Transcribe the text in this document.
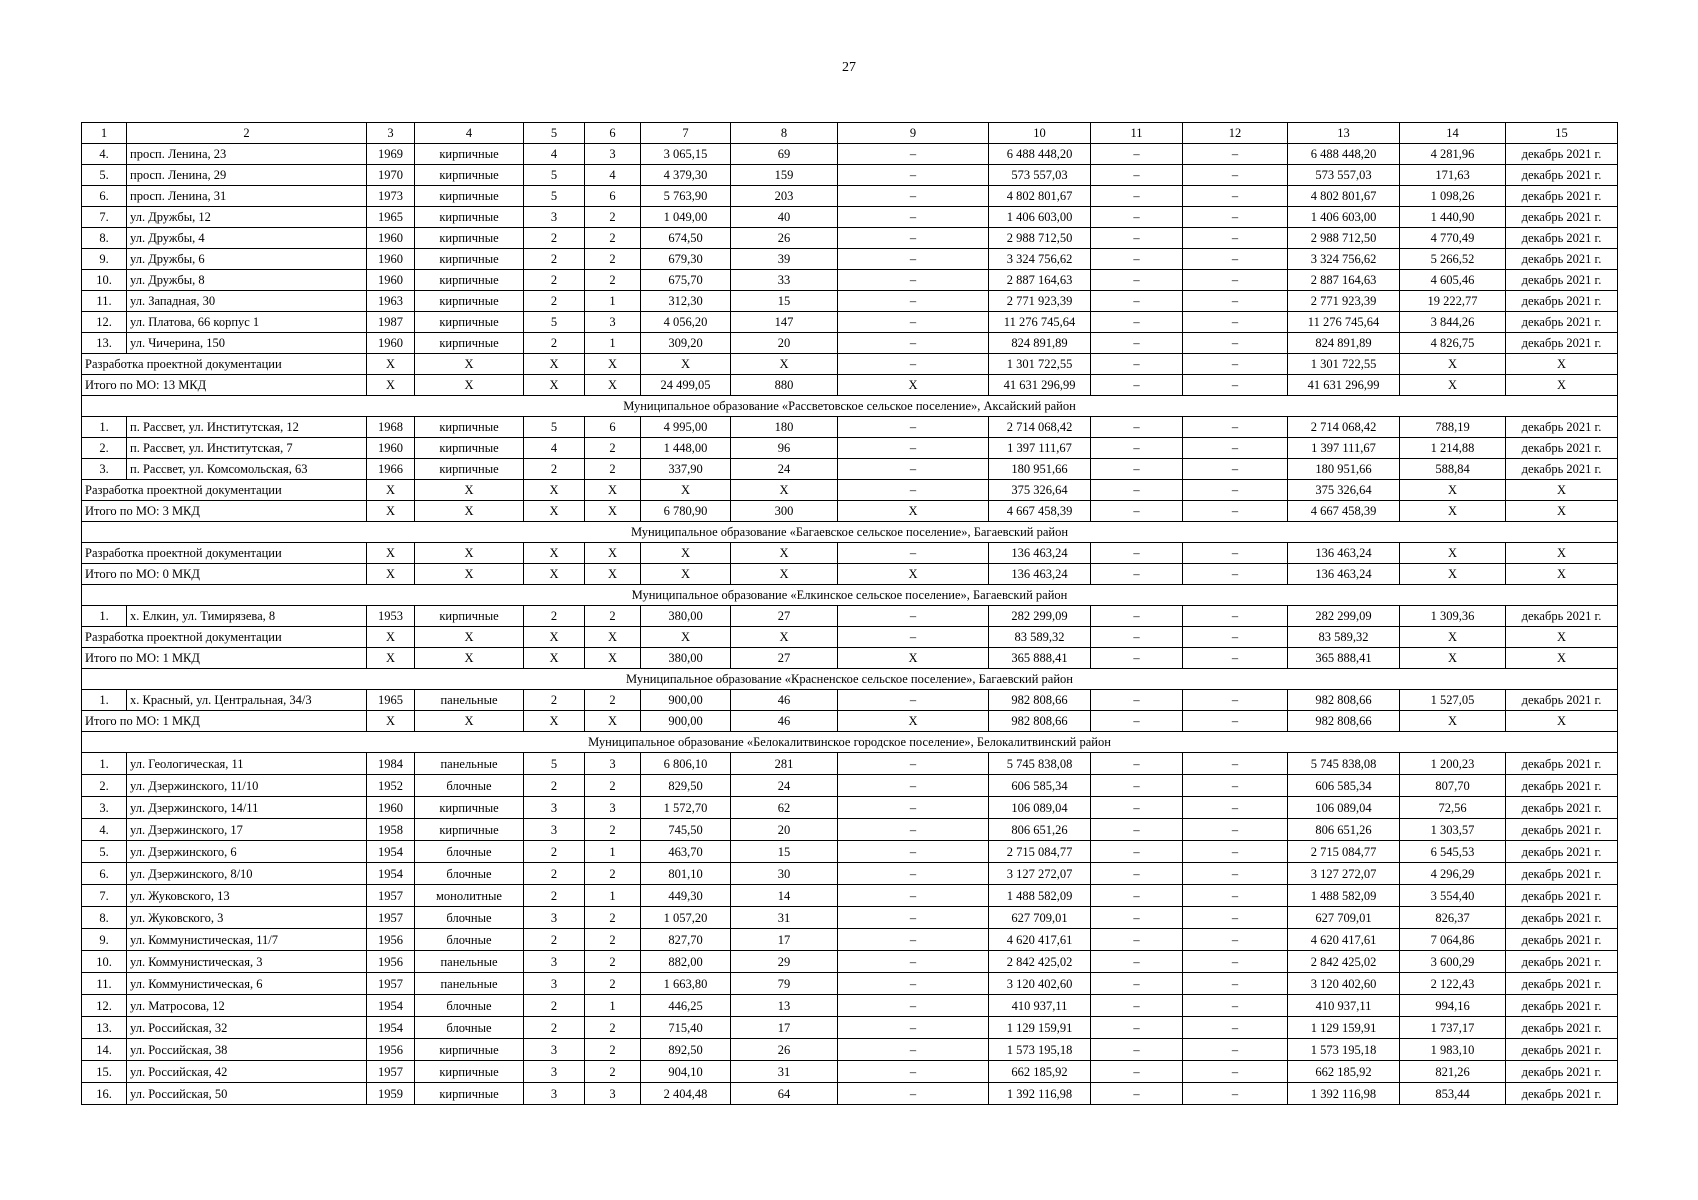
27
1	2	3	4	5	6	7	8	9	10	11	12	13	14	15
4.	просп. Ленина, 23	1969	кирпичные	4	3	3 065,15	69	–	6 488 448,20	–	–	6 488 448,20	4 281,96	декабрь 2021 г.
5.	просп. Ленина, 29	1970	кирпичные	5	4	4 379,30	159	–	573 557,03	–	–	573 557,03	171,63	декабрь 2021 г.
6.	просп. Ленина, 31	1973	кирпичные	5	6	5 763,90	203	–	4 802 801,67	–	–	4 802 801,67	1 098,26	декабрь 2021 г.
7.	ул. Дружбы, 12	1965	кирпичные	3	2	1 049,00	40	–	1 406 603,00	–	–	1 406 603,00	1 440,90	декабрь 2021 г.
8.	ул. Дружбы, 4	1960	кирпичные	2	2	674,50	26	–	2 988 712,50	–	–	2 988 712,50	4 770,49	декабрь 2021 г.
9.	ул. Дружбы, 6	1960	кирпичные	2	2	679,30	39	–	3 324 756,62	–	–	3 324 756,62	5 266,52	декабрь 2021 г.
10.	ул. Дружбы, 8	1960	кирпичные	2	2	675,70	33	–	2 887 164,63	–	–	2 887 164,63	4 605,46	декабрь 2021 г.
11.	ул. Западная, 30	1963	кирпичные	2	1	312,30	15	–	2 771 923,39	–	–	2 771 923,39	19 222,77	декабрь 2021 г.
12.	ул. Платова, 66 корпус 1	1987	кирпичные	5	3	4 056,20	147	–	11 276 745,64	–	–	11 276 745,64	3 844,26	декабрь 2021 г.
13.	ул. Чичерина, 150	1960	кирпичные	2	1	309,20	20	–	824 891,89	–	–	824 891,89	4 826,75	декабрь 2021 г.
Разработка проектной документации		X	X	X	X	X	X	–	1 301 722,55	–	–	1 301 722,55	X	X
Итого по МО: 13 МКД		X	X	X	X	24 499,05	880	X	41 631 296,99	–	–	41 631 296,99	X	X
Муниципальное образование «Рассветовское сельское поселение», Аксайский район														
1.	п. Рассвет, ул. Институтская, 12	1968	кирпичные	5	6	4 995,00	180	–	2 714 068,42	–	–	2 714 068,42	788,19	декабрь 2021 г.
2.	п. Рассвет, ул. Институтская, 7	1960	кирпичные	4	2	1 448,00	96	–	1 397 111,67	–	–	1 397 111,67	1 214,88	декабрь 2021 г.
3.	п. Рассвет, ул. Комсомольская, 63	1966	кирпичные	2	2	337,90	24	–	180 951,66	–	–	180 951,66	588,84	декабрь 2021 г.
Разработка проектной документации		X	X	X	X	X	X	–	375 326,64	–	–	375 326,64	X	X
Итого по МО: 3 МКД		X	X	X	X	6 780,90	300	X	4 667 458,39	–	–	4 667 458,39	X	X
Муниципальное образование «Багаевское сельское поселение», Багаевский район														
Разработка проектной документации		X	X	X	X	X	X	–	136 463,24	–	–	136 463,24	X	X
Итого по МО: 0 МКД		X	X	X	X	X	X	X	136 463,24	–	–	136 463,24	X	X
Муниципальное образование «Елкинское сельское поселение», Багаевский район														
1.	х. Елкин, ул. Тимирязева, 8	1953	кирпичные	2	2	380,00	27	–	282 299,09	–	–	282 299,09	1 309,36	декабрь 2021 г.
Разработка проектной документации		X	X	X	X	X	X	–	83 589,32	–	–	83 589,32	X	X
Итого по МО: 1 МКД		X	X	X	X	380,00	27	X	365 888,41	–	–	365 888,41	X	X
Муниципальное образование «Красненское сельское поселение», Багаевский район														
1.	х. Красный, ул. Центральная, 34/3	1965	панельные	2	2	900,00	46	–	982 808,66	–	–	982 808,66	1 527,05	декабрь 2021 г.
Итого по МО: 1 МКД		X	X	X	X	900,00	46	X	982 808,66	–	–	982 808,66	X	X
Муниципальное образование «Белокалитвинское городское поселение», Белокалитвинский район														
1.	ул. Геологическая, 11	1984	панельные	5	3	6 806,10	281	–	5 745 838,08	–	–	5 745 838,08	1 200,23	декабрь 2021 г.
2.	ул. Дзержинского, 11/10	1952	блочные	2	2	829,50	24	–	606 585,34	–	–	606 585,34	807,70	декабрь 2021 г.
3.	ул. Дзержинского, 14/11	1960	кирпичные	3	3	1 572,70	62	–	106 089,04	–	–	106 089,04	72,56	декабрь 2021 г.
4.	ул. Дзержинского, 17	1958	кирпичные	3	2	745,50	20	–	806 651,26	–	–	806 651,26	1 303,57	декабрь 2021 г.
5.	ул. Дзержинского, 6	1954	блочные	2	1	463,70	15	–	2 715 084,77	–	–	2 715 084,77	6 545,53	декабрь 2021 г.
6.	ул. Дзержинского, 8/10	1954	блочные	2	2	801,10	30	–	3 127 272,07	–	–	3 127 272,07	4 296,29	декабрь 2021 г.
7.	ул. Жуковского, 13	1957	монолитные	2	1	449,30	14	–	1 488 582,09	–	–	1 488 582,09	3 554,40	декабрь 2021 г.
8.	ул. Жуковского, 3	1957	блочные	3	2	1 057,20	31	–	627 709,01	–	–	627 709,01	826,37	декабрь 2021 г.
9.	ул. Коммунистическая, 11/7	1956	блочные	2	2	827,70	17	–	4 620 417,61	–	–	4 620 417,61	7 064,86	декабрь 2021 г.
10.	ул. Коммунистическая, 3	1956	панельные	3	2	882,00	29	–	2 842 425,02	–	–	2 842 425,02	3 600,29	декабрь 2021 г.
11.	ул. Коммунистическая, 6	1957	панельные	3	2	1 663,80	79	–	3 120 402,60	–	–	3 120 402,60	2 122,43	декабрь 2021 г.
12.	ул. Матросова, 12	1954	блочные	2	1	446,25	13	–	410 937,11	–	–	410 937,11	994,16	декабрь 2021 г.
13.	ул. Российская, 32	1954	блочные	2	2	715,40	17	–	1 129 159,91	–	–	1 129 159,91	1 737,17	декабрь 2021 г.
14.	ул. Российская, 38	1956	кирпичные	3	2	892,50	26	–	1 573 195,18	–	–	1 573 195,18	1 983,10	декабрь 2021 г.
15.	ул. Российская, 42	1957	кирпичные	3	2	904,10	31	–	662 185,92	–	–	662 185,92	821,26	декабрь 2021 г.
16.	ул. Российская, 50	1959	кирпичные	3	3	2 404,48	64	–	1 392 116,98	–	–	1 392 116,98	853,44	декабрь 2021 г.
